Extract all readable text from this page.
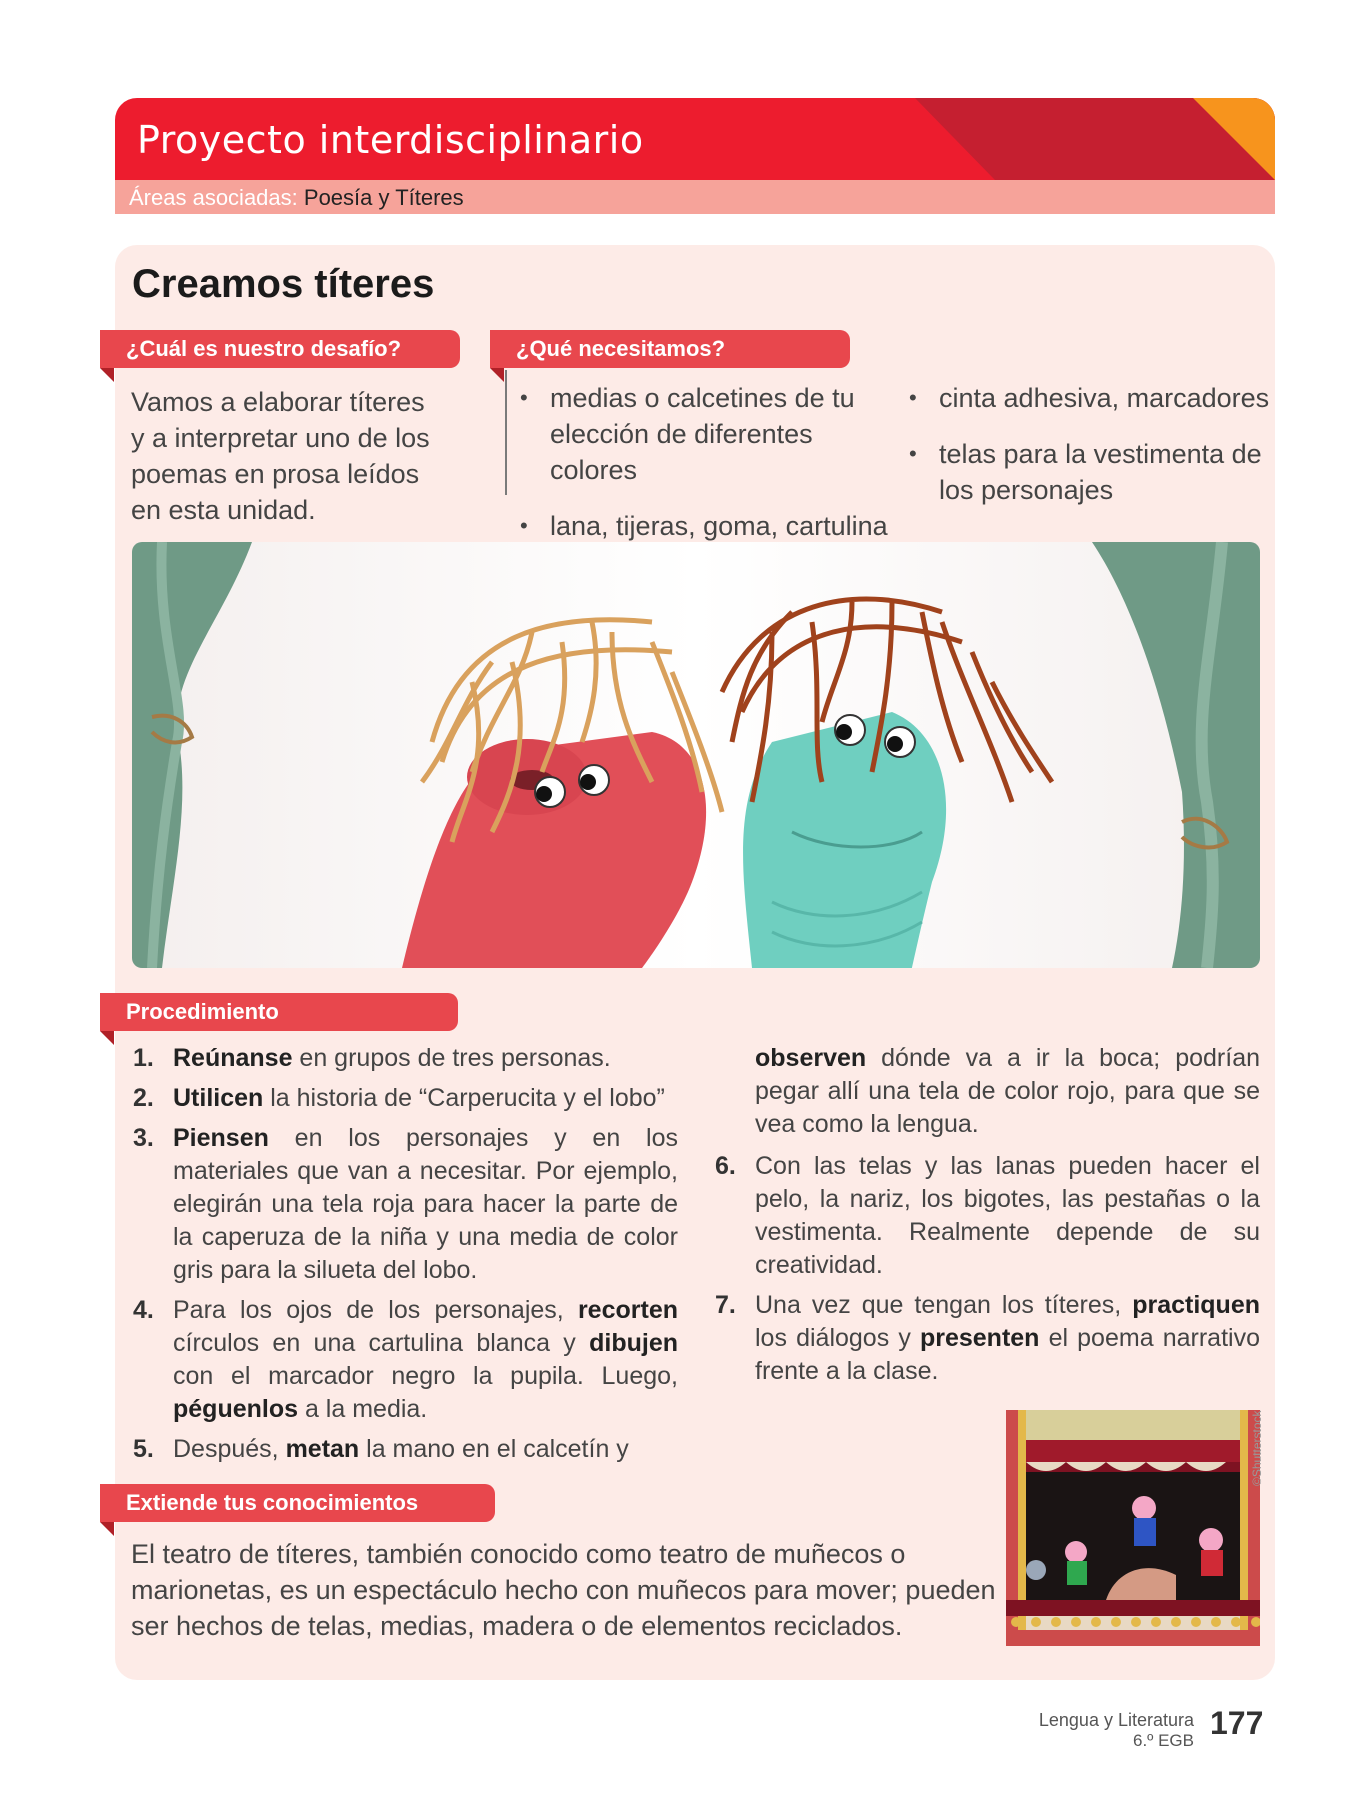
Proyecto interdisciplinario
DUA
Participación
Áreas asociadas: Poesía y Títeres
Creamos títeres
¿Cuál es nuestro desafío?
Vamos a elaborar títeres y a interpretar uno de los poemas en prosa leídos en esta unidad.
¿Qué necesitamos?
• medias o calcetines de tu elección de diferentes colores
• lana, tijeras, goma, cartulina
• cinta adhesiva, marcadores
• telas para la vestimenta de los personajes
Procedimiento
1. Reúnanse en grupos de tres personas.
2. Utilicen la historia de “Carperucita y el lobo”
3. Piensen en los personajes y en los materiales que van a necesitar. Por ejemplo, elegirán una tela roja para hacer la parte de la caperuza de la niña y una media de color gris para la silueta del lobo.
4. Para los ojos de los personajes, recorten círculos en una cartulina blanca y dibujen con el marcador negro la pupila. Luego, péguenlos a la media.
5. Después, metan la mano en el calcetín y
observen dónde va a ir la boca; podrían pegar allí una tela de color rojo, para que se vea como la lengua.
6. Con las telas y las lanas pueden hacer el pelo, la nariz, los bigotes, las pestañas o la vestimenta. Realmente depende de su creatividad.
7. Una vez que tengan los títeres, practiquen los diálogos y presenten el poema narrativo frente a la clase.
Extiende tus conocimientos
El teatro de títeres, también conocido como teatro de muñecos o marionetas, es un espectáculo hecho con muñecos para mover; pueden ser hechos de telas, medias, madera o de elementos reciclados.
©Shutterstock
Lengua y Literatura
6.º EGB 177
